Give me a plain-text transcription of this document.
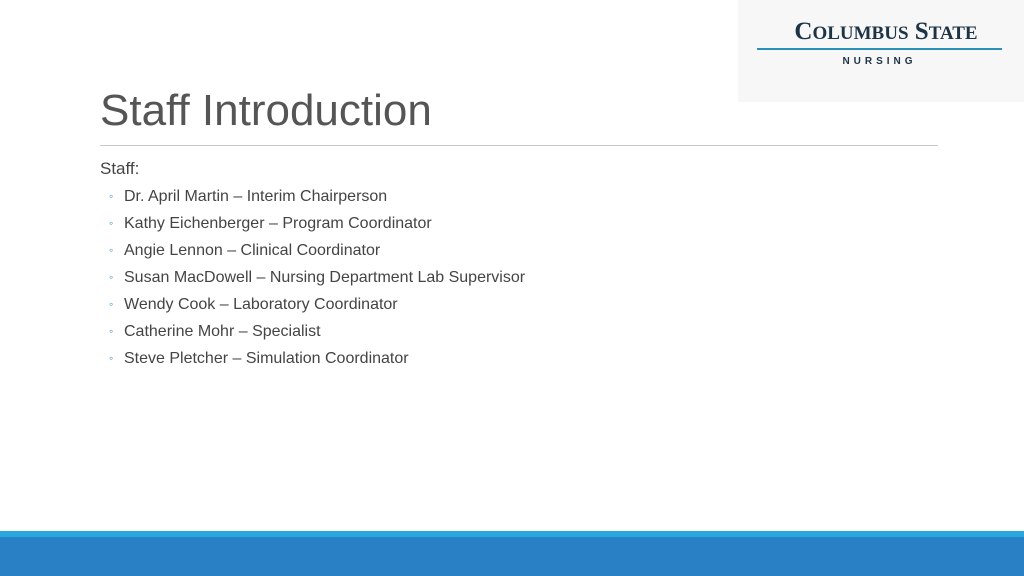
COLUMBUS STATE
NURSING
Staff Introduction
Staff:
◦ Dr. April Martin – Interim Chairperson
◦ Kathy Eichenberger – Program Coordinator
◦ Angie Lennon – Clinical Coordinator
◦ Susan MacDowell – Nursing Department Lab Supervisor
◦ Wendy Cook – Laboratory Coordinator
◦ Catherine Mohr – Specialist
◦ Steve Pletcher – Simulation Coordinator
